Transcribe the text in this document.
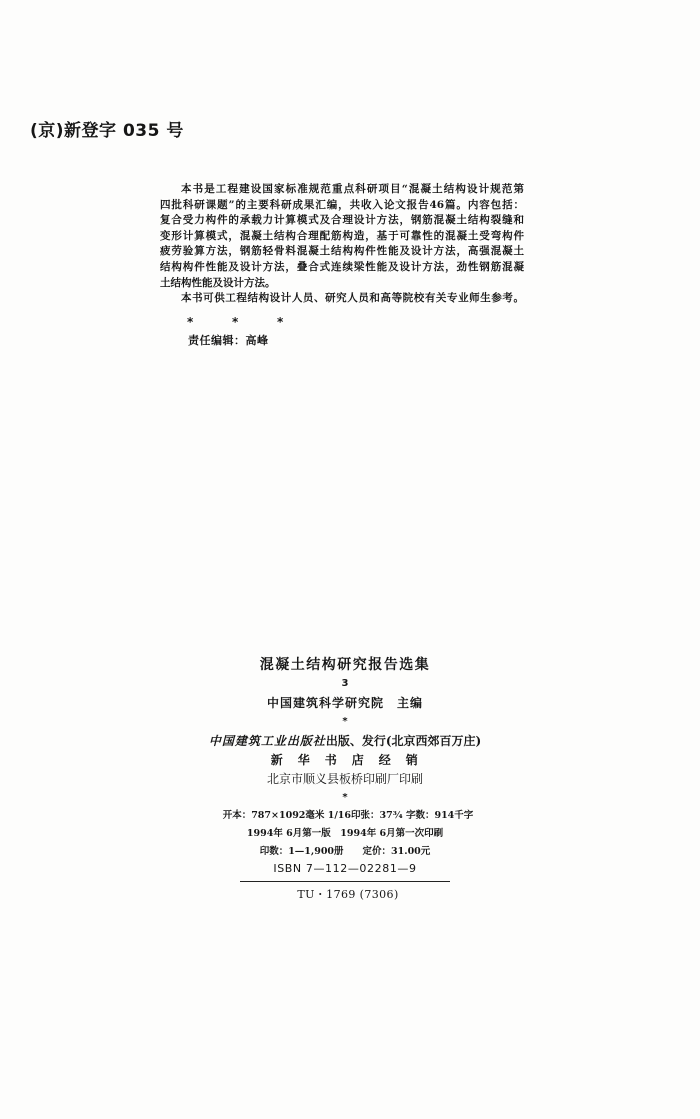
(京)新登字 035 号
本书是工程建设国家标准规范重点科研项目“混凝土结构设计规范第
四批科研课题”的主要科研成果汇编，共收入论文报告46篇。内容包括：
复合受力构件的承载力计算模式及合理设计方法，钢筋混凝土结构裂缝和
变形计算模式，混凝土结构合理配筋构造，基于可靠性的混凝土受弯构件
疲劳验算方法，钢筋轻骨料混凝土结构构件性能及设计方法，高强混凝土
结构构件性能及设计方法，叠合式连续梁性能及设计方法，劲性钢筋混凝
土结构性能及设计方法。
本书可供工程结构设计人员、研究人员和高等院校有关专业师生参考。
*	*	*
责任编辑：高峰
混凝土结构研究报告选集
3
中国建筑科学研究院　主编
*
中国建筑工业出版社出版、发行(北京西郊百万庄)
新　华　书　店　经　销
北京市顺义县板桥印刷厂印刷
*
开本：787×1092毫米 1/16印张：37¾ 字数：914千字
1994年 6月第一版　1994年 6月第一次印刷
印数：1—1,900册　　定价：31.00元
ISBN 7—112—02281—9
TU・1769 (7306)
